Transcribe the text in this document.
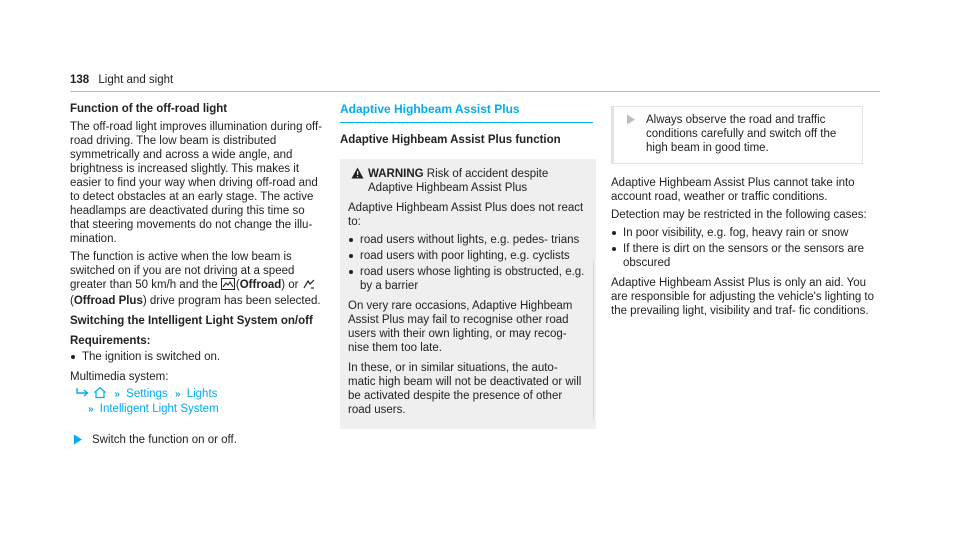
138 Light and sight

Function of the off-road light

The off-road light improves illumination during off-road driving. The low beam is distributed symmetrically and across a wide angle, and brightness is increased slightly. This makes it easier to find your way when driving off-road and to detect obstacles at an early stage. The active headlamps are deactivated during this time so that steering movements do not change the illu- mination.

The function is active when the low beam is switched on if you are not driving at a speed greater than 50 km/h and the (Offroad) or (Offroad Plus) drive program has been selected.

Switching the Intelligent Light System on/off

Requirements:

The ignition is switched on.

Multimedia system:

» Settings » Lights
» Intelligent Light System
Switch the function on or off.
Adaptive Highbeam Assist Plus
Adaptive Highbeam Assist Plus function
WARNING Risk of accident despite Adaptive Highbeam Assist Plus

Adaptive Highbeam Assist Plus does not react to:

road users without lights, e.g. pedes- trians
road users with poor lighting, e.g. cyclists
road users whose lighting is obstructed, e.g. by a barrier

On very rare occasions, Adaptive Highbeam Assist Plus may fail to recognise other road users with their own lighting, or may recog- nise them too late.

In these, or in similar situations, the auto- matic high beam will not be deactivated or will be activated despite the presence of other road users.

Always observe the road and traffic conditions carefully and switch off the high beam in good time.

Adaptive Highbeam Assist Plus cannot take into account road, weather or traffic conditions.

Detection may be restricted in the following cases:

In poor visibility, e.g. fog, heavy rain or snow
If there is dirt on the sensors or the sensors are obscured

Adaptive Highbeam Assist Plus is only an aid. You are responsible for adjusting the vehicle's lighting to the prevailing light, visibility and traf- fic conditions.
